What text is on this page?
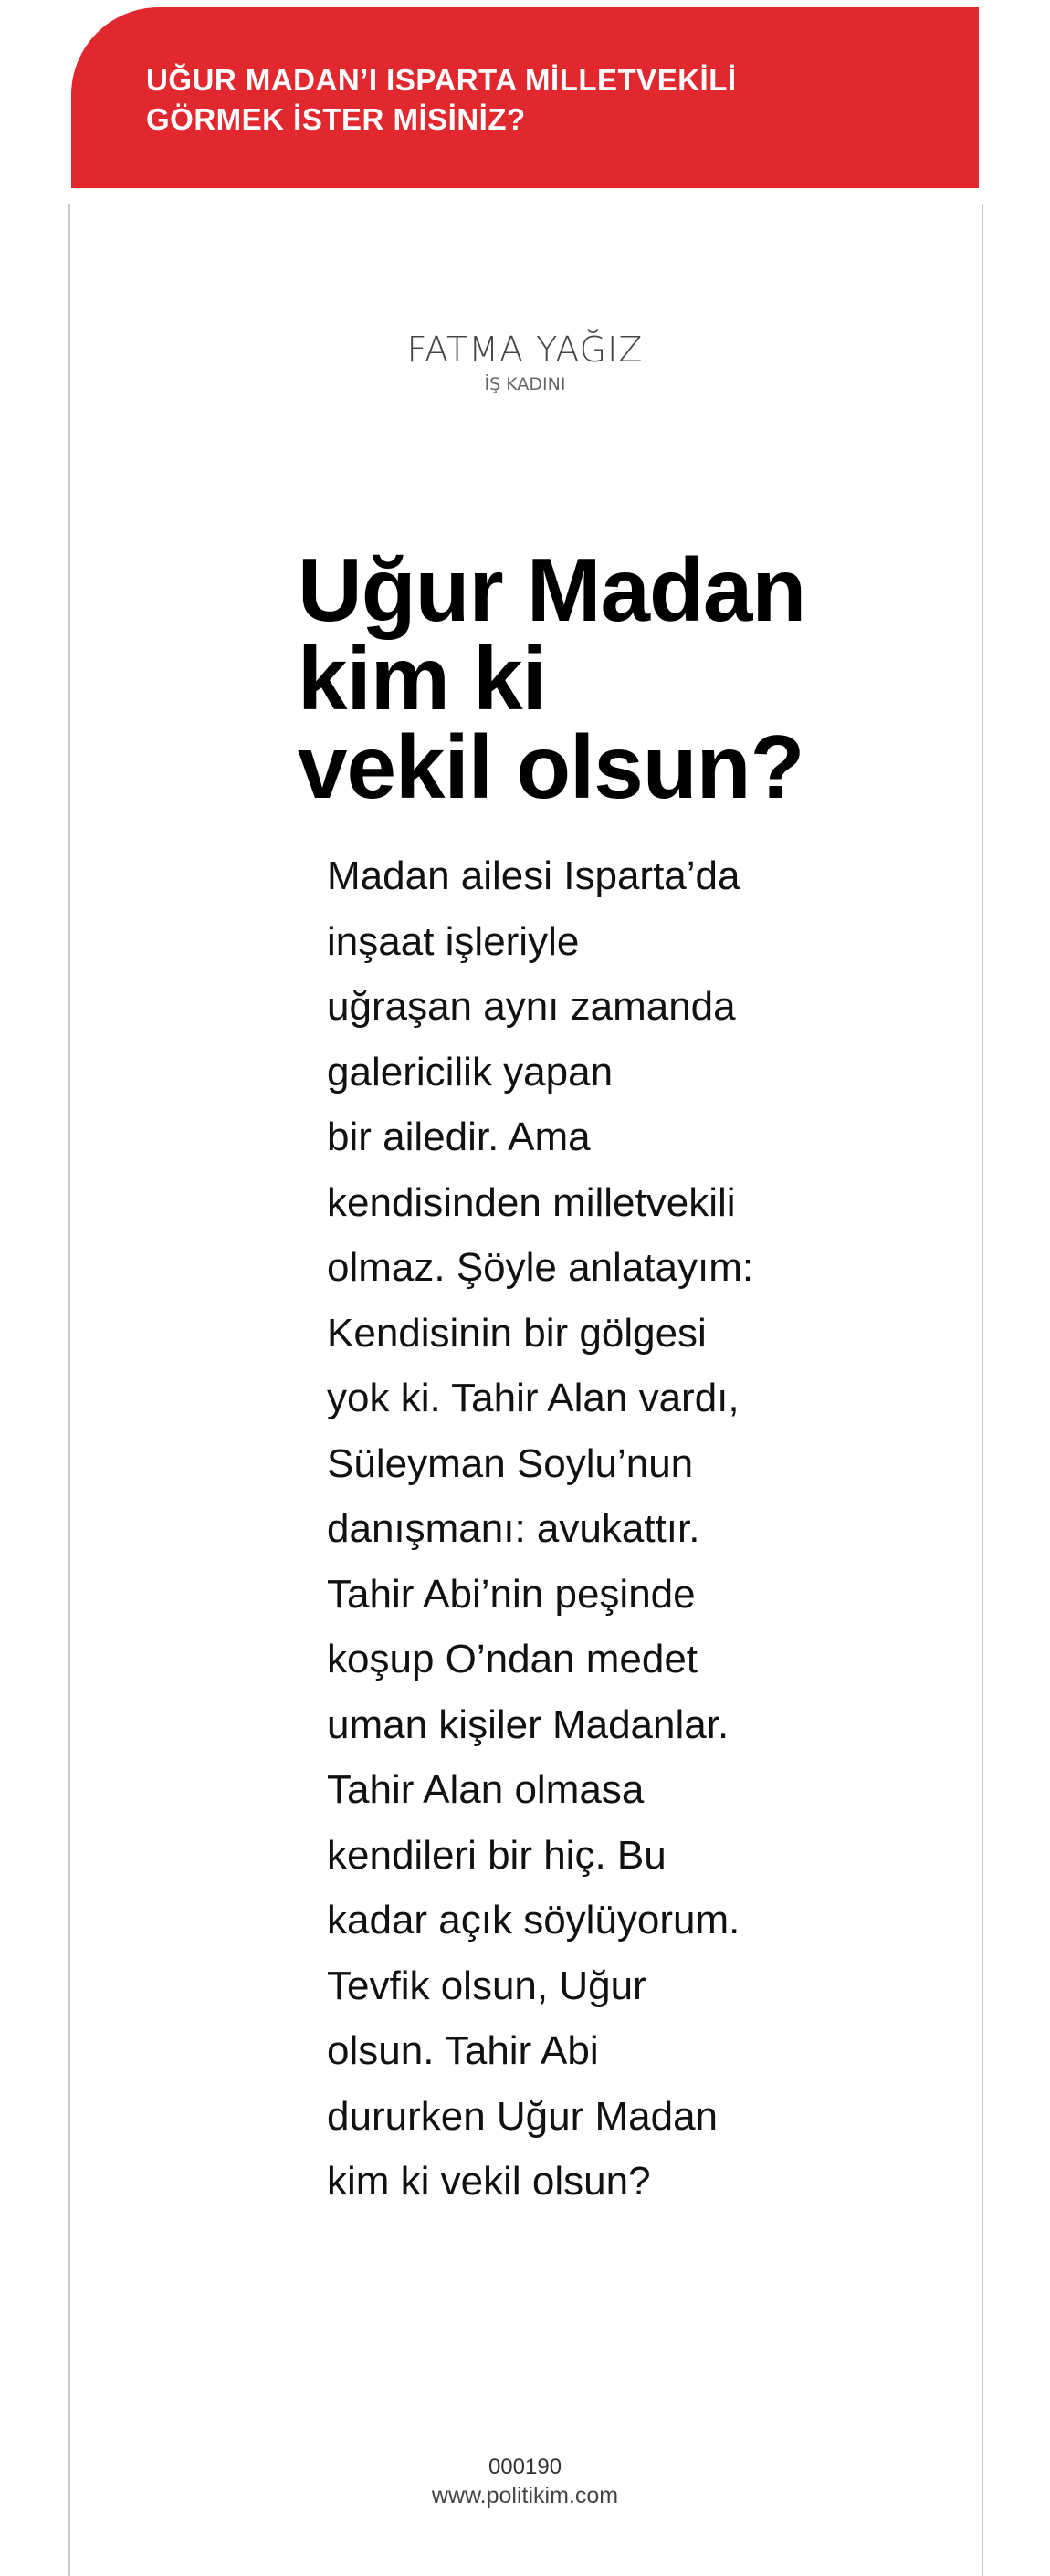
UĞUR MADAN’I ISPARTA MİLLETVEKİLİ
GÖRMEK İSTER MİSİNİZ?
FATMA YAĞIZ
İŞ KADINI
Uğur Madan
kim ki
vekil olsun?
Madan ailesi Isparta’da
inşaat işleriyle
uğraşan aynı zamanda
galericilik yapan
bir ailedir. Ama
kendisinden milletvekili
olmaz. Şöyle anlatayım:
Kendisinin bir gölgesi
yok ki. Tahir Alan vardı,
Süleyman Soylu’nun
danışmanı: avukattır.
Tahir Abi’nin peşinde
koşup O’ndan medet
uman kişiler Madanlar.
Tahir Alan olmasa
kendileri bir hiç. Bu
kadar açık söylüyorum.
Tevfik olsun, Uğur
olsun. Tahir Abi
dururken Uğur Madan
kim ki vekil olsun?
000190
www.politikim.com
